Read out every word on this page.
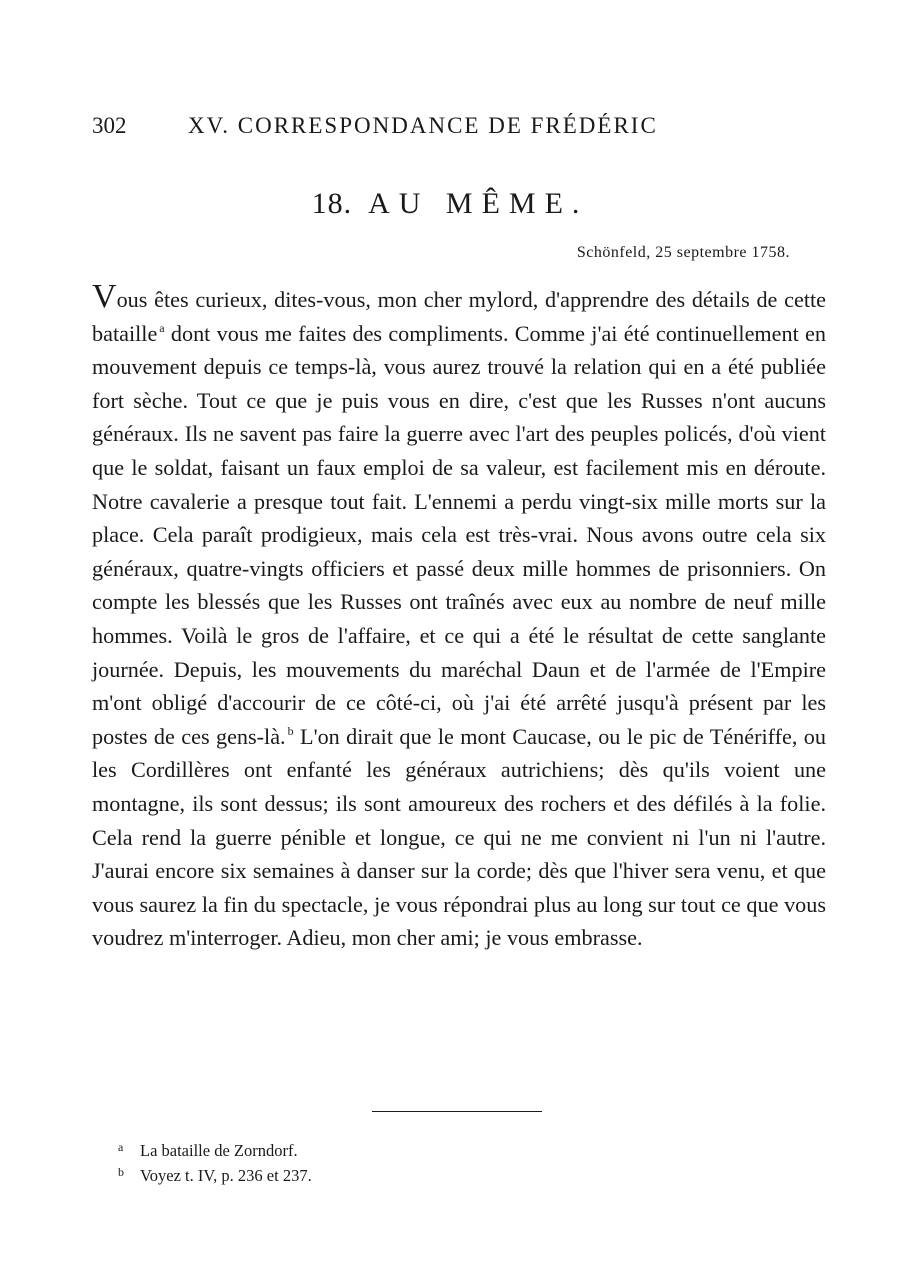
302	XV. CORRESPONDANCE DE FRÉDÉRIC
18. AU MÊME.
Schönfeld, 25 septembre 1758.
Vous êtes curieux, dites-vous, mon cher mylord, d'apprendre des détails de cette bataille $^a$ dont vous me faites des compliments. Comme j'ai été continuellement en mouvement depuis ce temps-là, vous aurez trouvé la relation qui en a été publiée fort sèche. Tout ce que je puis vous en dire, c'est que les Russes n'ont aucuns généraux. Ils ne savent pas faire la guerre avec l'art des peuples policés, d'où vient que le soldat, faisant un faux emploi de sa valeur, est facilement mis en déroute. Notre cavalerie a presque tout fait. L'ennemi a perdu vingt-six mille morts sur la place. Cela paraît prodigieux, mais cela est très-vrai. Nous avons outre cela six généraux, quatre-vingts officiers et passé deux mille hommes de prisonniers. On compte les blessés que les Russes ont traînés avec eux au nombre de neuf mille hommes. Voilà le gros de l'affaire, et ce qui a été le résultat de cette sanglante journée. Depuis, les mouvements du maréchal Daun et de l'armée de l'Empire m'ont obligé d'accourir de ce côté-ci, où j'ai été arrêté jusqu'à présent par les postes de ces gens-là. $^b$ L'on dirait que le mont Caucase, ou le pic de Ténériffe, ou les Cordillères ont enfanté les généraux autrichiens; dès qu'ils voient une montagne, ils sont dessus; ils sont amoureux des rochers et des défilés à la folie. Cela rend la guerre pénible et longue, ce qui ne me convient ni l'un ni l'autre. J'aurai encore six semaines à danser sur la corde; dès que l'hiver sera venu, et que vous saurez la fin du spectacle, je vous répondrai plus au long sur tout ce que vous voudrez m'interroger. Adieu, mon cher ami; je vous embrasse.
a La bataille de Zorndorf.
b Voyez t. IV, p. 236 et 237.
